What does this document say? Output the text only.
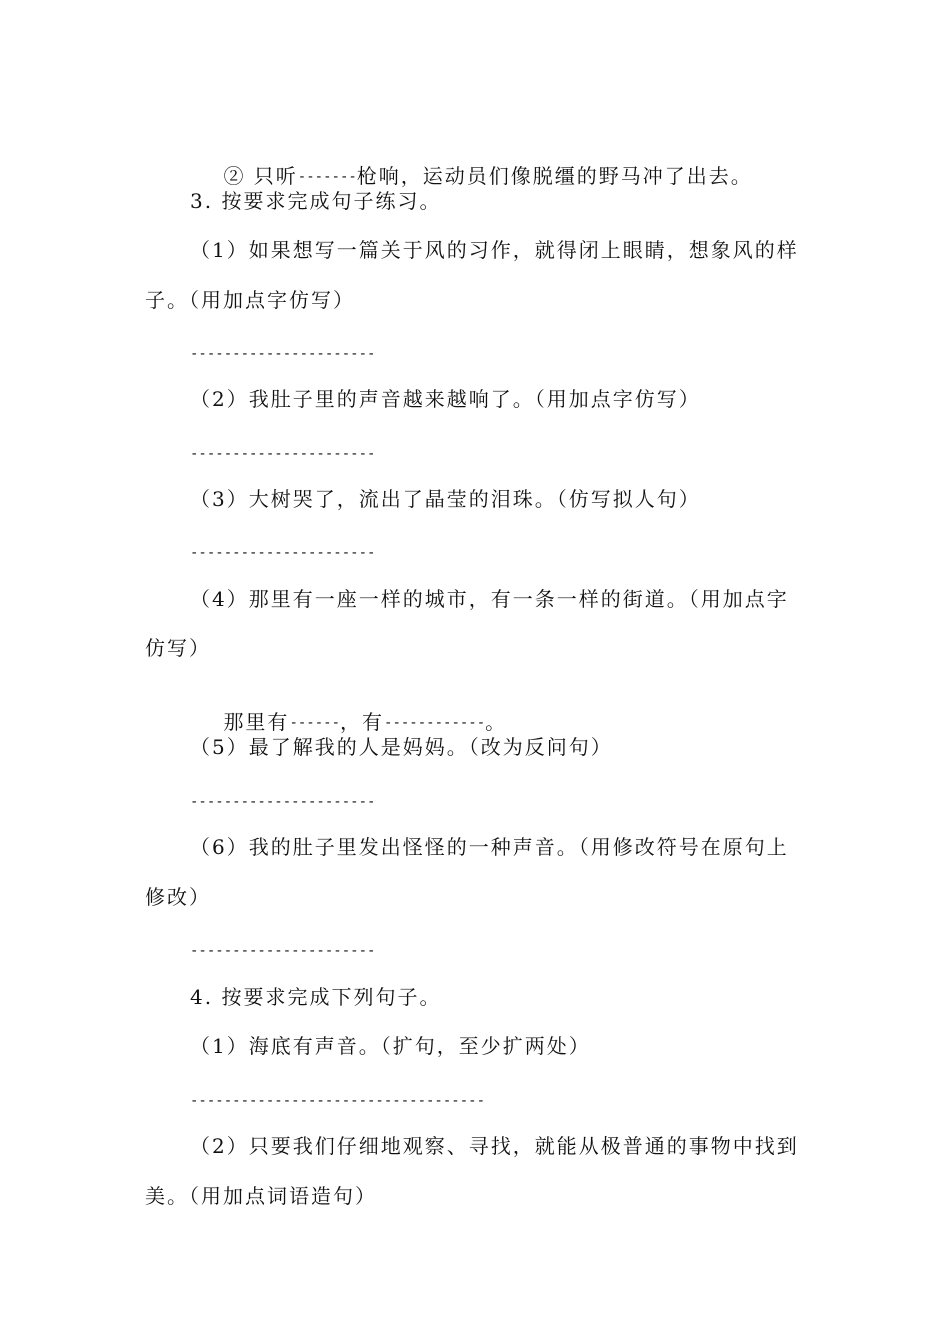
② 只听-------枪响，运动员们像脱缰的野马冲了出去。

3. 按要求完成句子练习。
（1）如果想写一篇关于风的习作，就得闭上眼睛，想象风的样
子。（用加点字仿写）
----------------------
（2）我肚子里的声音越来越响了。（用加点字仿写）
----------------------
（3）大树哭了，流出了晶莹的泪珠。（仿写拟人句）
----------------------
（4）那里有一座一样的城市，有一条一样的街道。（用加点字
仿写）

那里有------，有------------。

（5）最了解我的人是妈妈。（改为反问句）
----------------------
（6）我的肚子里发出怪怪的一种声音。（用修改符号在原句上
修改）
----------------------
4. 按要求完成下列句子。
（1）海底有声音。（扩句，至少扩两处）
-----------------------------------
（2）只要我们仔细地观察、寻找，就能从极普通的事物中找到
美。（用加点词语造句）
